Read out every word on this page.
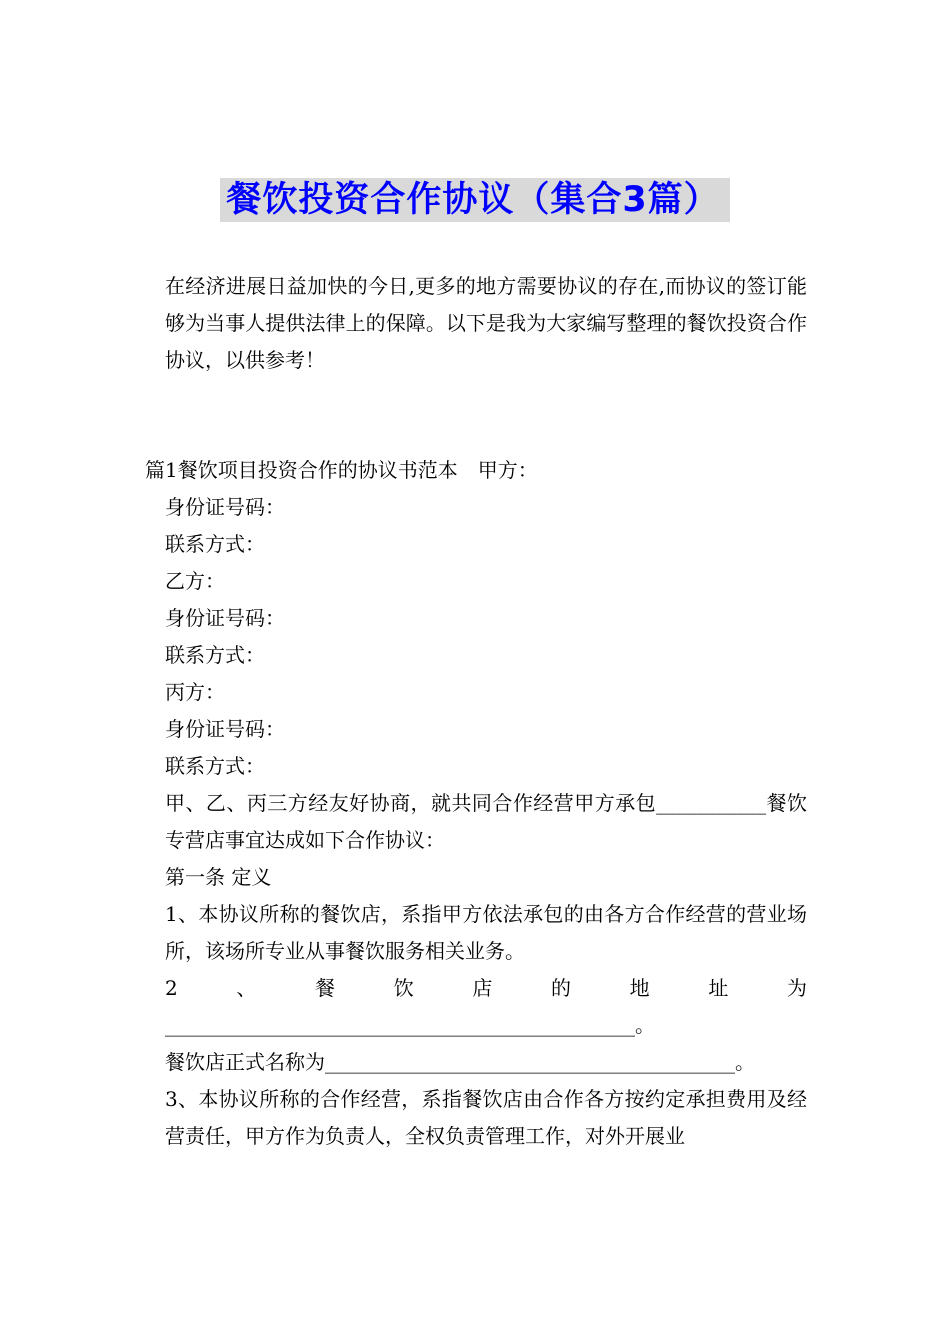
餐饮投资合作协议（集合3篇）

在经济进展日益加快的今日,更多的地方需要协议的存在,而协议的签订能够为当事人提供法律上的保障。以下是我为大家编写整理的餐饮投资合作协议，以供参考！

篇1餐饮项目投资合作的协议书范本　甲方：

身份证号码：

联系方式：

乙方：

身份证号码：

联系方式：

丙方：

身份证号码：

联系方式：

甲、乙、丙三方经友好协商，就共同合作经营甲方承包___________餐饮专营店事宜达成如下合作协议：

第一条 定义

1、本协议所称的餐饮店，系指甲方依法承包的由各方合作经营的营业场所，该场所专业从事餐饮服务相关业务。

2、餐饮店的地址为_______________________________________________。

餐饮店正式名称为_________________________________________。

3、本协议所称的合作经营，系指餐饮店由合作各方按约定承担费用及经营责任，甲方作为负责人，全权负责管理工作，对外开展业
